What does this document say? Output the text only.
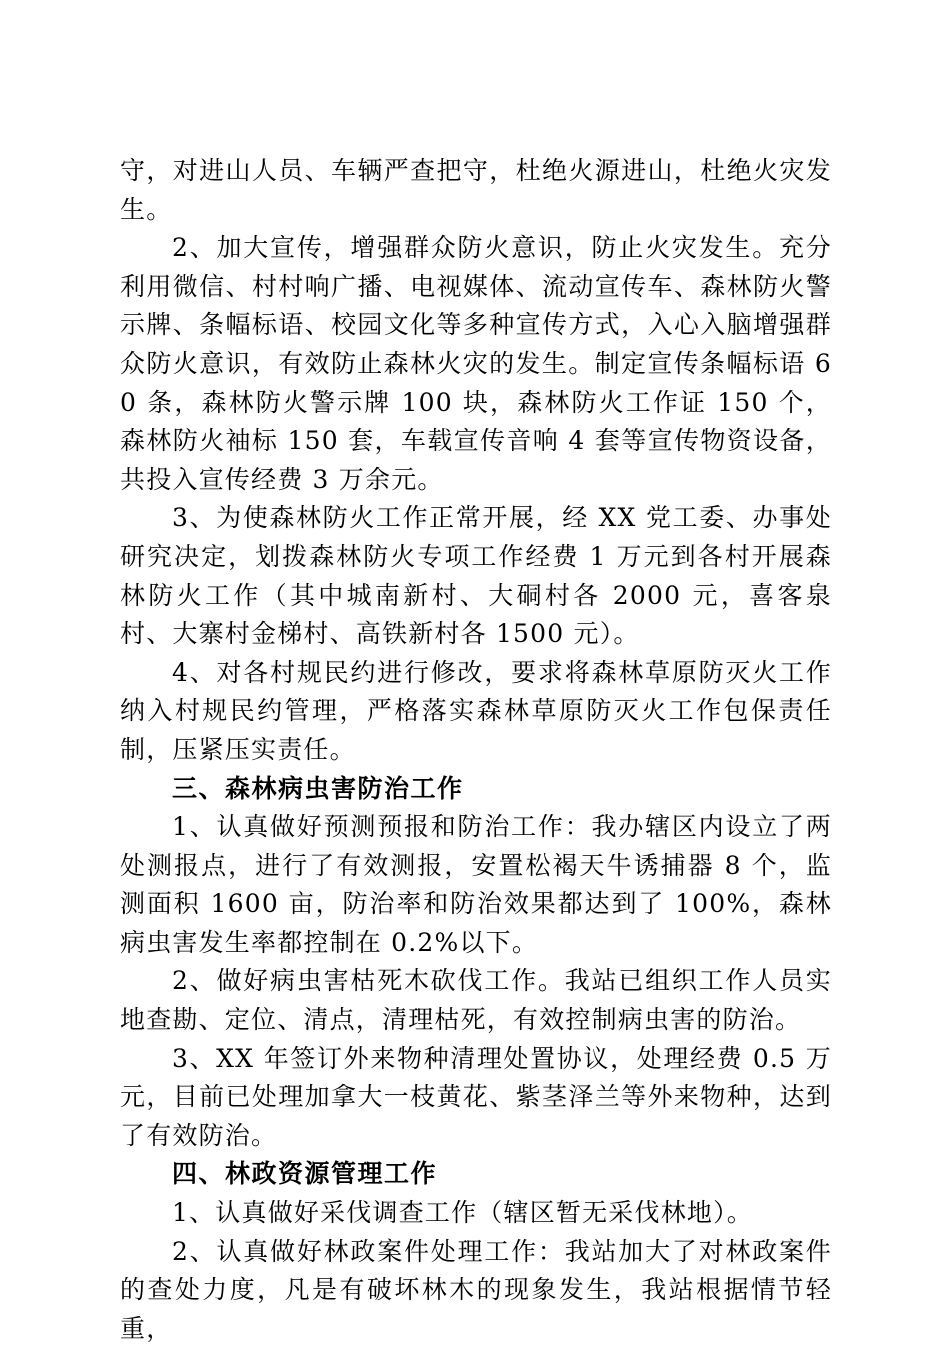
守，对进山人员、车辆严查把守，杜绝火源进山，杜绝火灾发生。

2、加大宣传，增强群众防火意识，防止火灾发生。充分利用微信、村村响广播、电视媒体、流动宣传车、森林防火警示牌、条幅标语、校园文化等多种宣传方式，入心入脑增强群众防火意识，有效防止森林火灾的发生。制定宣传条幅标语 60 条，森林防火警示牌 100 块，森林防火工作证 150 个，森林防火袖标 150 套，车载宣传音响 4 套等宣传物资设备，共投入宣传经费 3 万余元。

3、为使森林防火工作正常开展，经 XX 党工委、办事处研究决定，划拨森林防火专项工作经费 1 万元到各村开展森林防火工作（其中城南新村、大硐村各 2000 元，喜客泉村、大寨村金梯村、高铁新村各 1500 元）。

4、对各村规民约进行修改，要求将森林草原防灭火工作纳入村规民约管理，严格落实森林草原防灭火工作包保责任制，压紧压实责任。

三、森林病虫害防治工作

1、认真做好预测预报和防治工作：我办辖区内设立了两处测报点，进行了有效测报，安置松褐天牛诱捕器 8 个，监测面积 1600 亩，防治率和防治效果都达到了 100%，森林病虫害发生率都控制在 0.2%以下。

2、做好病虫害枯死木砍伐工作。我站已组织工作人员实地查勘、定位、清点，清理枯死，有效控制病虫害的防治。

3、XX 年签订外来物种清理处置协议，处理经费 0.5 万元，目前已处理加拿大一枝黄花、紫茎泽兰等外来物种，达到了有效防治。

四、林政资源管理工作

1、认真做好采伐调查工作（辖区暂无采伐林地）。

2、认真做好林政案件处理工作：我站加大了对林政案件的查处力度，凡是有破坏林木的现象发生，我站根据情节轻重，
